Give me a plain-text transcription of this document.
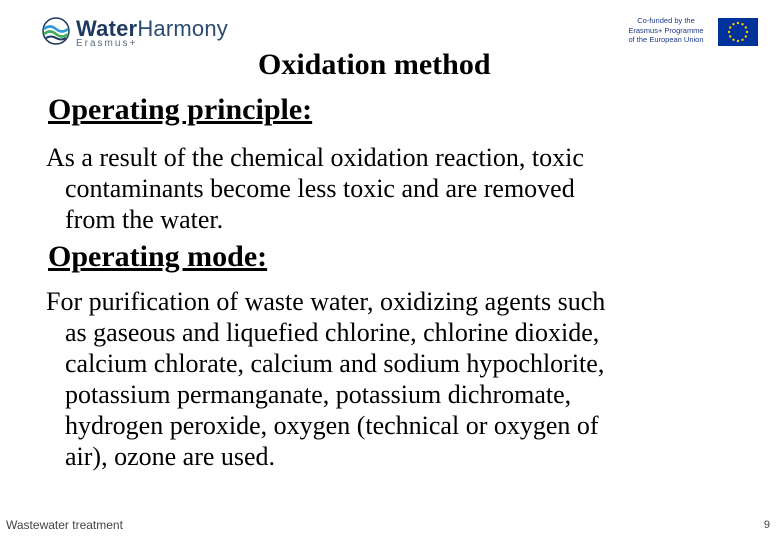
WaterHarmony
Erasmus+
Co-funded by the
Erasmus+ Programme
of the European Union
Oxidation method
Operating principle:
As a result of the chemical oxidation reaction, toxic
contaminants become less toxic and are removed
from the water.
Operating mode:
For purification of waste water, oxidizing agents such
as gaseous and liquefied chlorine, chlorine dioxide,
calcium chlorate, calcium and sodium hypochlorite,
potassium permanganate, potassium dichromate,
hydrogen peroxide, oxygen (technical or oxygen of
air), ozone are used.
Wastewater treatment	9
